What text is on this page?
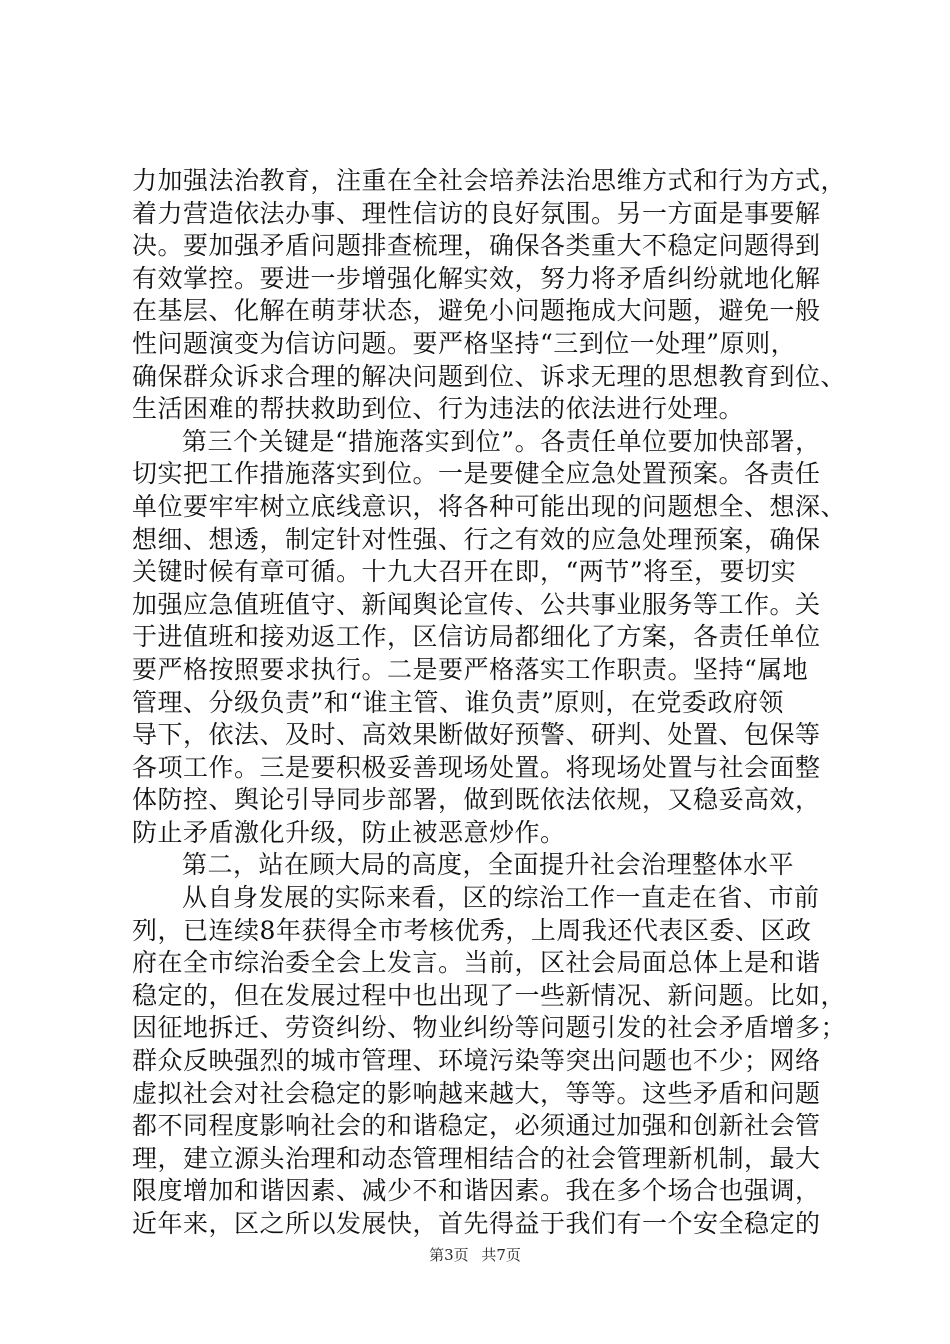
力加强法治教育，注重在全社会培养法治思维方式和行为方式，
着力营造依法办事、理性信访的良好氛围。另一方面是事要解
决。要加强矛盾问题排查梳理，确保各类重大不稳定问题得到
有效掌控。要进一步增强化解实效，努力将矛盾纠纷就地化解
在基层、化解在萌芽状态，避免小问题拖成大问题，避免一般
性问题演变为信访问题。要严格坚持“三到位一处理”原则，
确保群众诉求合理的解决问题到位、诉求无理的思想教育到位、
生活困难的帮扶救助到位、行为违法的依法进行处理。
第三个关键是“措施落实到位”。各责任单位要加快部署，
切实把工作措施落实到位。一是要健全应急处置预案。各责任
单位要牢牢树立底线意识，将各种可能出现的问题想全、想深、
想细、想透，制定针对性强、行之有效的应急处理预案，确保
关键时候有章可循。十九大召开在即，“两节”将至，要切实
加强应急值班值守、新闻舆论宣传、公共事业服务等工作。关
于进值班和接劝返工作，区信访局都细化了方案，各责任单位
要严格按照要求执行。二是要严格落实工作职责。坚持“属地
管理、分级负责”和“谁主管、谁负责”原则，在党委政府领
导下，依法、及时、高效果断做好预警、研判、处置、包保等
各项工作。三是要积极妥善现场处置。将现场处置与社会面整
体防控、舆论引导同步部署，做到既依法依规，又稳妥高效，
防止矛盾激化升级，防止被恶意炒作。
第二，站在顾大局的高度，全面提升社会治理整体水平
从自身发展的实际来看，区的综治工作一直走在省、市前
列，已连续8年获得全市考核优秀，上周我还代表区委、区政
府在全市综治委全会上发言。当前，区社会局面总体上是和谐
稳定的，但在发展过程中也出现了一些新情况、新问题。比如，
因征地拆迁、劳资纠纷、物业纠纷等问题引发的社会矛盾增多；
群众反映强烈的城市管理、环境污染等突出问题也不少；网络
虚拟社会对社会稳定的影响越来越大，等等。这些矛盾和问题
都不同程度影响社会的和谐稳定，必须通过加强和创新社会管
理，建立源头治理和动态管理相结合的社会管理新机制，最大
限度增加和谐因素、减少不和谐因素。我在多个场合也强调，
近年来，区之所以发展快，首先得益于我们有一个安全稳定的
第3页 共7页
